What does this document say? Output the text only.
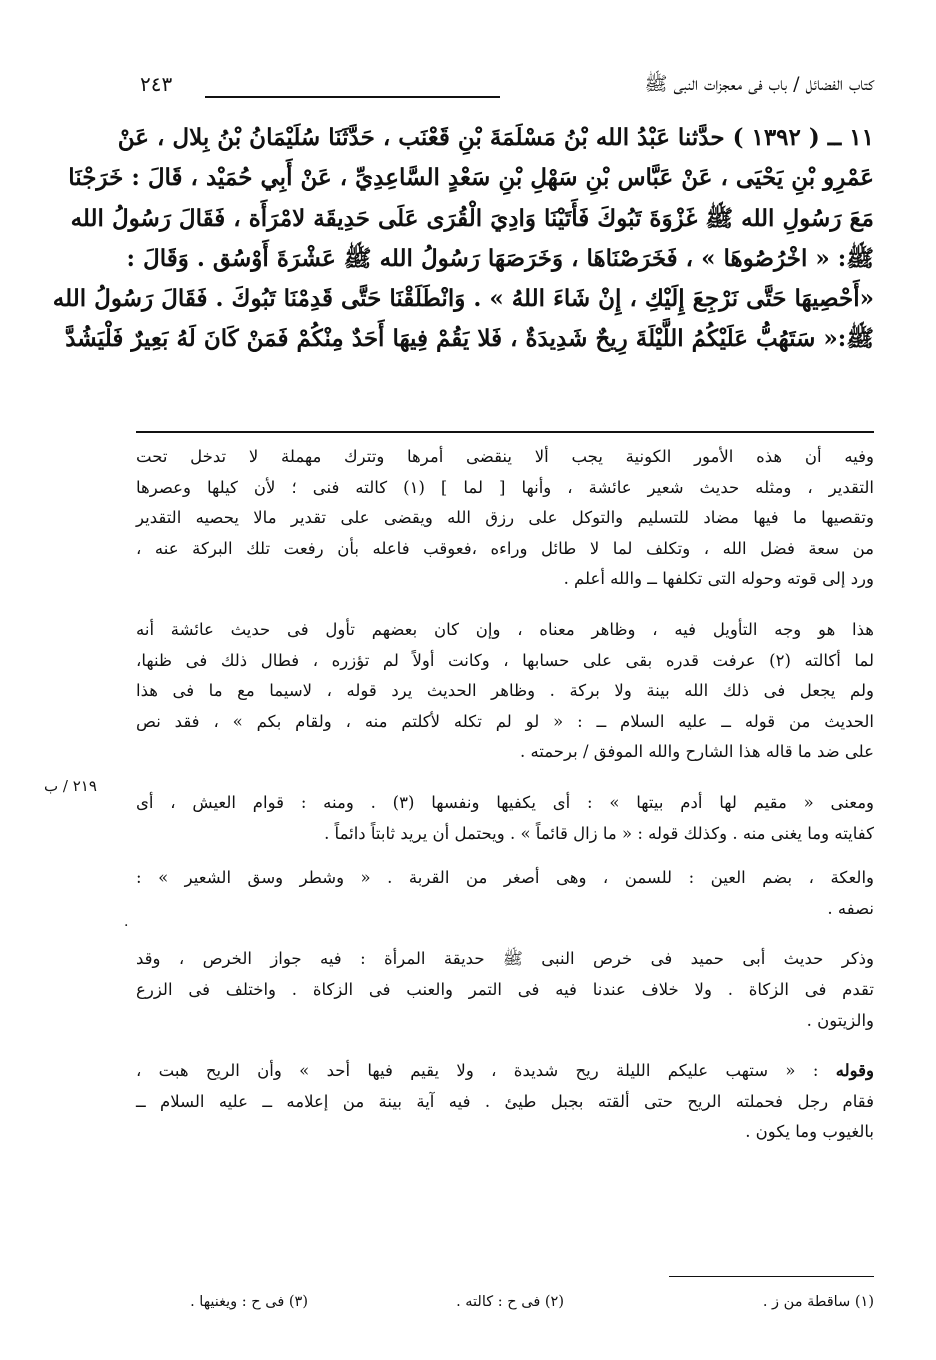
كتاب الفضائل / باب فى معجزات النبى ﷺ
٢٤٣

١١ ــ ( ١٣٩٢ ) حدَّثنا عَبْدُ الله بْنُ مَسْلَمَةَ بْنِ قَعْنَب ، حَدَّثَنَا سُلَيْمَانُ بْنُ بِلال ، عَنْ

عَمْرِو بْنِ يَحْيَى ، عَنْ عَبَّاس بْنِ سَهْلِ بْنِ سَعْدٍ السَّاعِدِيِّ ، عَنْ أَبِي حُمَيْد ، قَالَ : خَرَجْنَا

مَعَ رَسُولِ الله ﷺ غَزْوَةَ تَبُوكَ فَأَتَيْنَا وَادِيَ الْقُرَى عَلَى حَدِيقَة لامْرَأَة ، فَقَالَ رَسُولُ الله

ﷺ: « اخْرُصُوهَا » ، فَخَرَصْنَاهَا ، وَخَرَصَهَا رَسُولُ الله ﷺ عَشْرَةَ أَوْسُق . وَقَالَ :

«أَحْصِيهَا حَتَّى نَرْجِعَ إِلَيْكِ ، إِنْ شَاءَ اللهُ » . وَانْطَلَقْنَا حَتَّى قَدِمْنَا تَبُوكَ . فَقَالَ رَسُولُ الله

ﷺ:« سَتَهُبُّ عَلَيْكُمُ اللَّيْلَةَ رِيحٌ شَدِيدَةٌ ، فَلا يَقُمْ فِيهَا أَحَدٌ مِنْكُمْ فَمَنْ كَانَ لَهُ بَعِيرٌ فَلْيَشُدَّ

وفيه أن هذه الأمور الكونية يجب ألا ينقضى أمرها وتترك مهملة لا تدخل تحت

التقدير ، ومثله حديث شعير عائشة ، وأنها [ لما ] (١) كالته فنى ؛ لأن كيلها وعصرها

وتقصيها ما فيها مضاد للتسليم والتوكل على رزق الله ويقضى على تقدير مالا يحصيه التقدير

من سعة فضل الله ، وتكلف لما لا طائل وراءه ،فعوقب فاعله بأن رفعت تلك البركة عنه ،

ورد إلى قوته وحوله التى تكلفها ــ والله أعلم .

هذا هو وجه التأويل فيه ، وظاهر معناه ، وإن كان بعضهم تأول فى حديث عائشة أنه

لما أكالته (٢) عرفت قدره بقى على حسابها ، وكانت أولاً لم تؤزره ، فطال ذلك فى ظنها،

ولم يجعل فى ذلك الله بينة ولا بركة . وظاهر الحديث يرد قوله ، لاسيما مع ما فى هذا

الحديث من قوله ــ عليه السلام ــ : « لو لم تكله لأكلتم منه ، ولقام بكم » ، فقد نص

على ضد ما قاله هذا الشارح والله الموفق / برحمته .

ومعنى « مقيم لها أدم بيتها » : أى يكفيها ونفسها (٣) . ومنه : قوام العيش ، أى

كفايته وما يغنى منه . وكذلك قوله : « ما زال قائماً » . ويحتمل أن يريد ثابتاً دائماً .

والعكة ، بضم العين : للسمن ، وهى أصغر من القربة . « وشطر وسق الشعير » :

نصفه .

وذكر حديث أبى حميد فى خرص النبى ﷺ حديقة المرأة : فيه جواز الخرص ، وقد

تقدم فى الزكاة . ولا خلاف عندنا فيه فى التمر والعنب فى الزكاة . واختلف فى الزرع

والزيتون .

وقوله : « ستهب عليكم الليلة ريح شديدة ، ولا يقيم فيها أحد » وأن الريح هبت ،

فقام رجل فحملته الريح حتى ألقته بجبل طيئ . فيه آية بينة من إعلامه ــ عليه السلام ــ

بالغيوب وما يكون .

٢١٩ / ب
·
(١) ساقطة من ز .
(٢) فى ح : كالته .
(٣) فى ح : ويغنيها .
